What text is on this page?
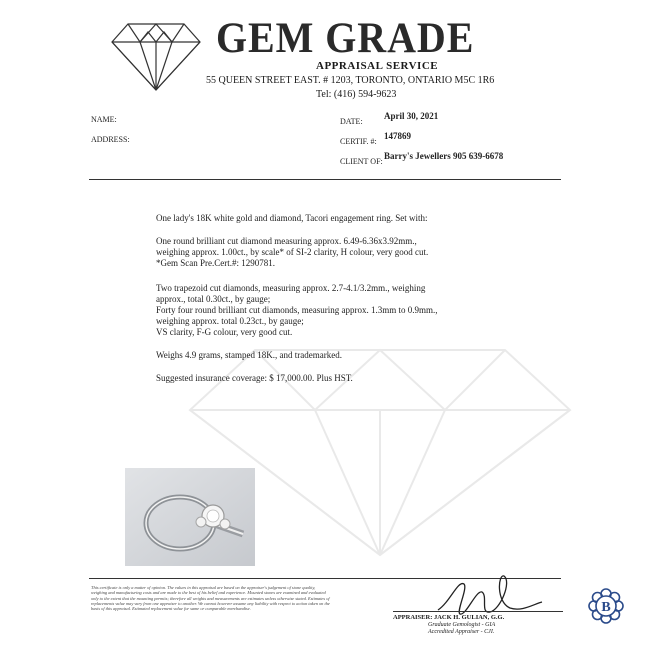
GEM GRADE
APPRAISAL SERVICE
55 QUEEN STREET EAST. # 1203, TORONTO, ONTARIO M5C 1R6
Tel: (416) 594-9623
NAME:
ADDRESS:
DATE:
April 30, 2021
CERTIF. #:
147869
CLIENT OF:
Barry's Jewellers 905 639-6678

One lady's 18K white gold and diamond, Tacori engagement ring. Set with:

One round brilliant cut diamond measuring approx. 6.49-6.36x3.92mm.,

weighing approx. 1.00ct., by scale* of SI-2 clarity, H colour, very good cut.

*Gem Scan Pre.Cert.#: 1290781.

Two trapezoid cut diamonds, measuring approx. 2.7-4.1/3.2mm., weighing

approx., total 0.30ct., by gauge;

Forty four round brilliant cut diamonds, measuring approx. 1.3mm to 0.9mm.,

weighing approx. total 0.23ct., by gauge;

VS clarity, F-G colour, very good cut.

Weighs 4.9 grams, stamped 18K., and trademarked.

Suggested insurance coverage: $ 17,000.00. Plus HST.

This certificate is only a matter of opinion. The values in this appraisal are based on the appraiser's judgement of stone quality, weighing and manufacturing costs and are made to the best of his belief and experience. Mounted stones are examined and evaluated only to the extent that the mounting permits; therefore all weights and measurements are estimates unless otherwise stated. Estimates of replacements value may vary from one appraiser to another. We cannot however assume any liability with respect to action taken on the basis of this appraisal. Estimated replacement value for same or comparable merchandise.
APPRAISER: JACK H. GULIAN, G.G.
Graduate Gemologist - GIA
Accredited Appraiser - CJI.
B
